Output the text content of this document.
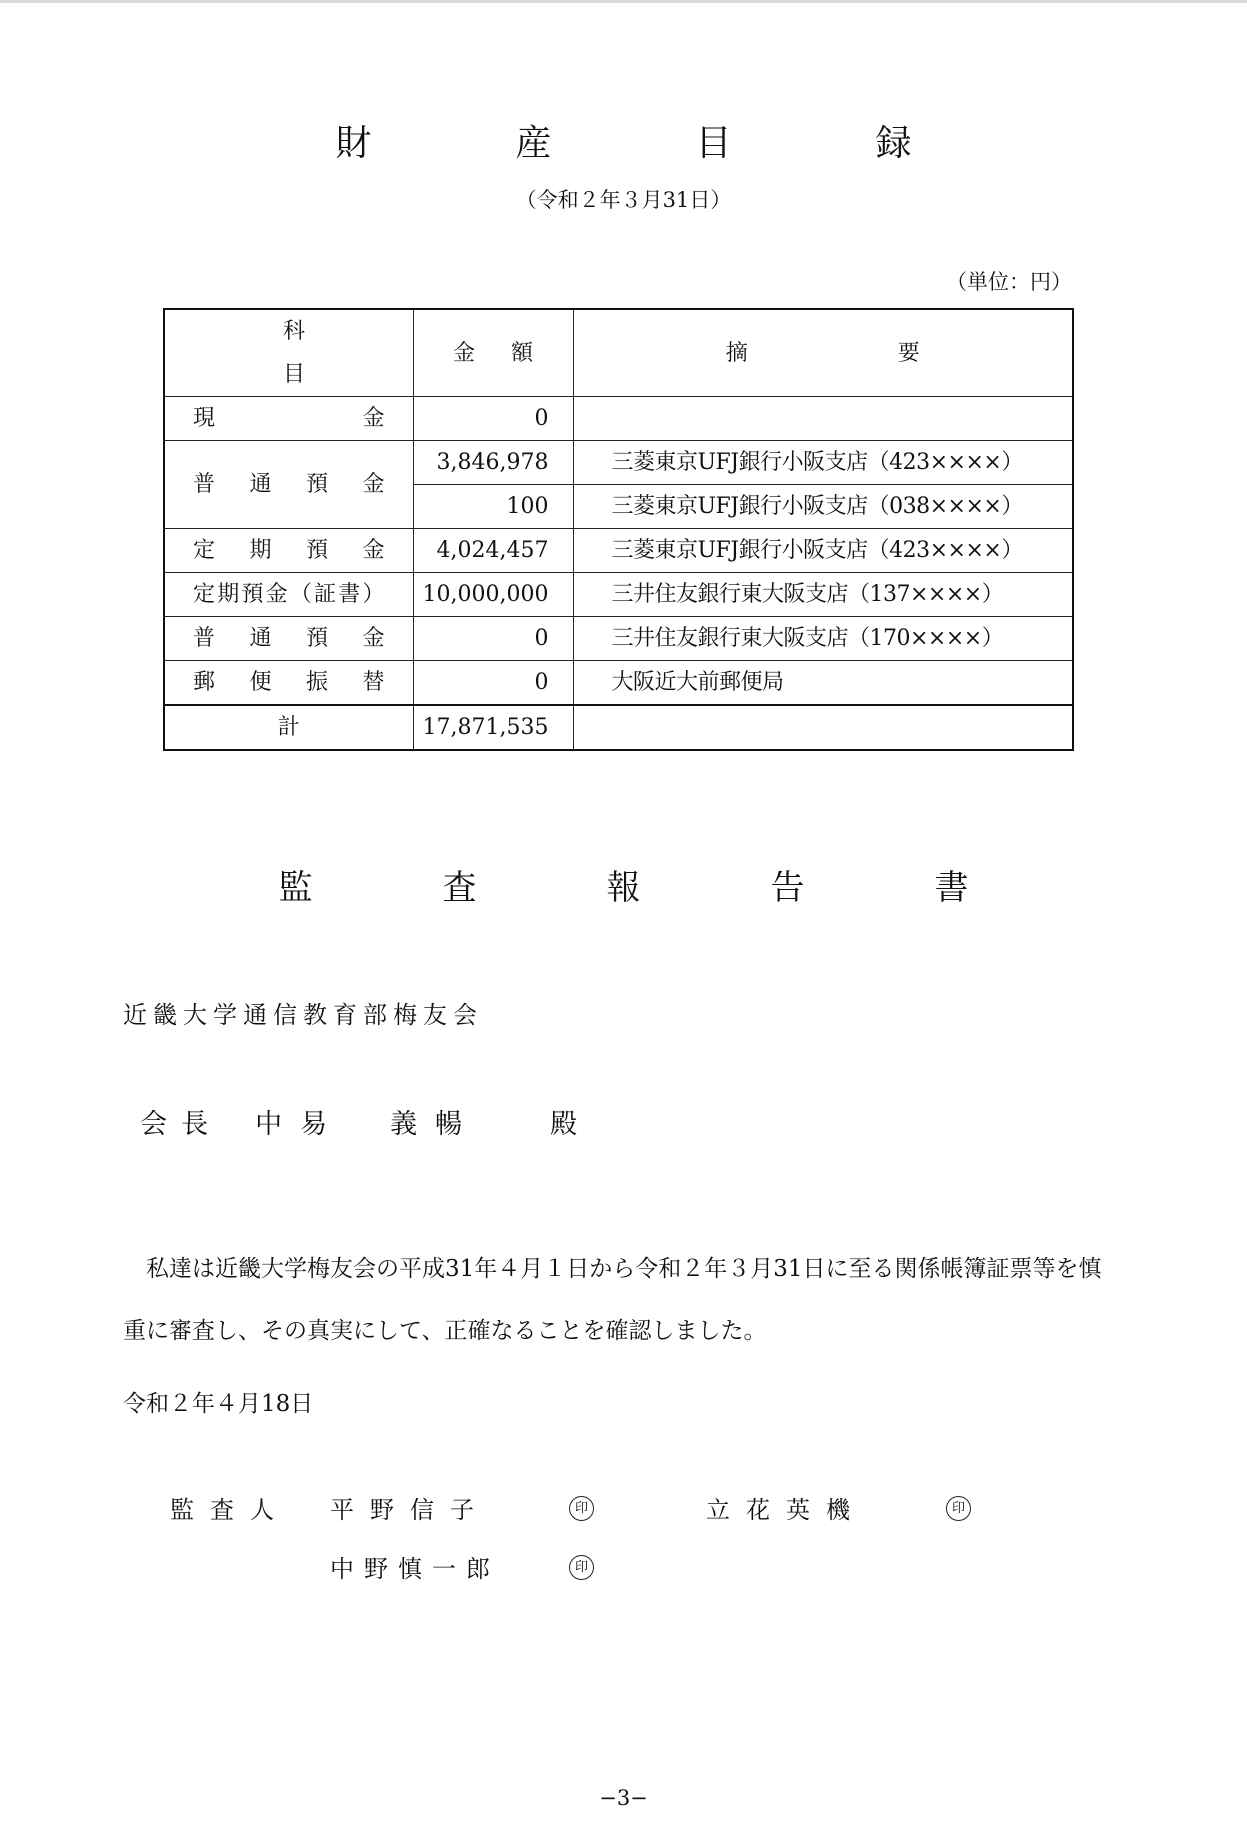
財　産　目　録
（令和２年３月31日）
（単位：円）
科目	金額	摘要
現金	0	
普通預金	3,846,978	三菱東京UFJ銀行小阪支店（423××××）
	100	三菱東京UFJ銀行小阪支店（038××××）
定期預金	4,024,457	三菱東京UFJ銀行小阪支店（423××××）
定期預金（証書）	10,000,000	三井住友銀行東大阪支店（137××××）
普通預金	0	三井住友銀行東大阪支店（170××××）
郵便振替	0	大阪近大前郵便局
計	17,871,535	
監　査　報　告　書
近畿大学通信教育部梅友会

会長 中易 義暢	殿

私達は近畿大学梅友会の平成31年４月１日から令和２年３月31日に至る関係帳簿証票等を慎重に審査し、その真実にして、正確なることを確認しました。
令和２年４月18日
監査人 平野信子	印	立花英機	印
中野慎一郎	印
−3−
